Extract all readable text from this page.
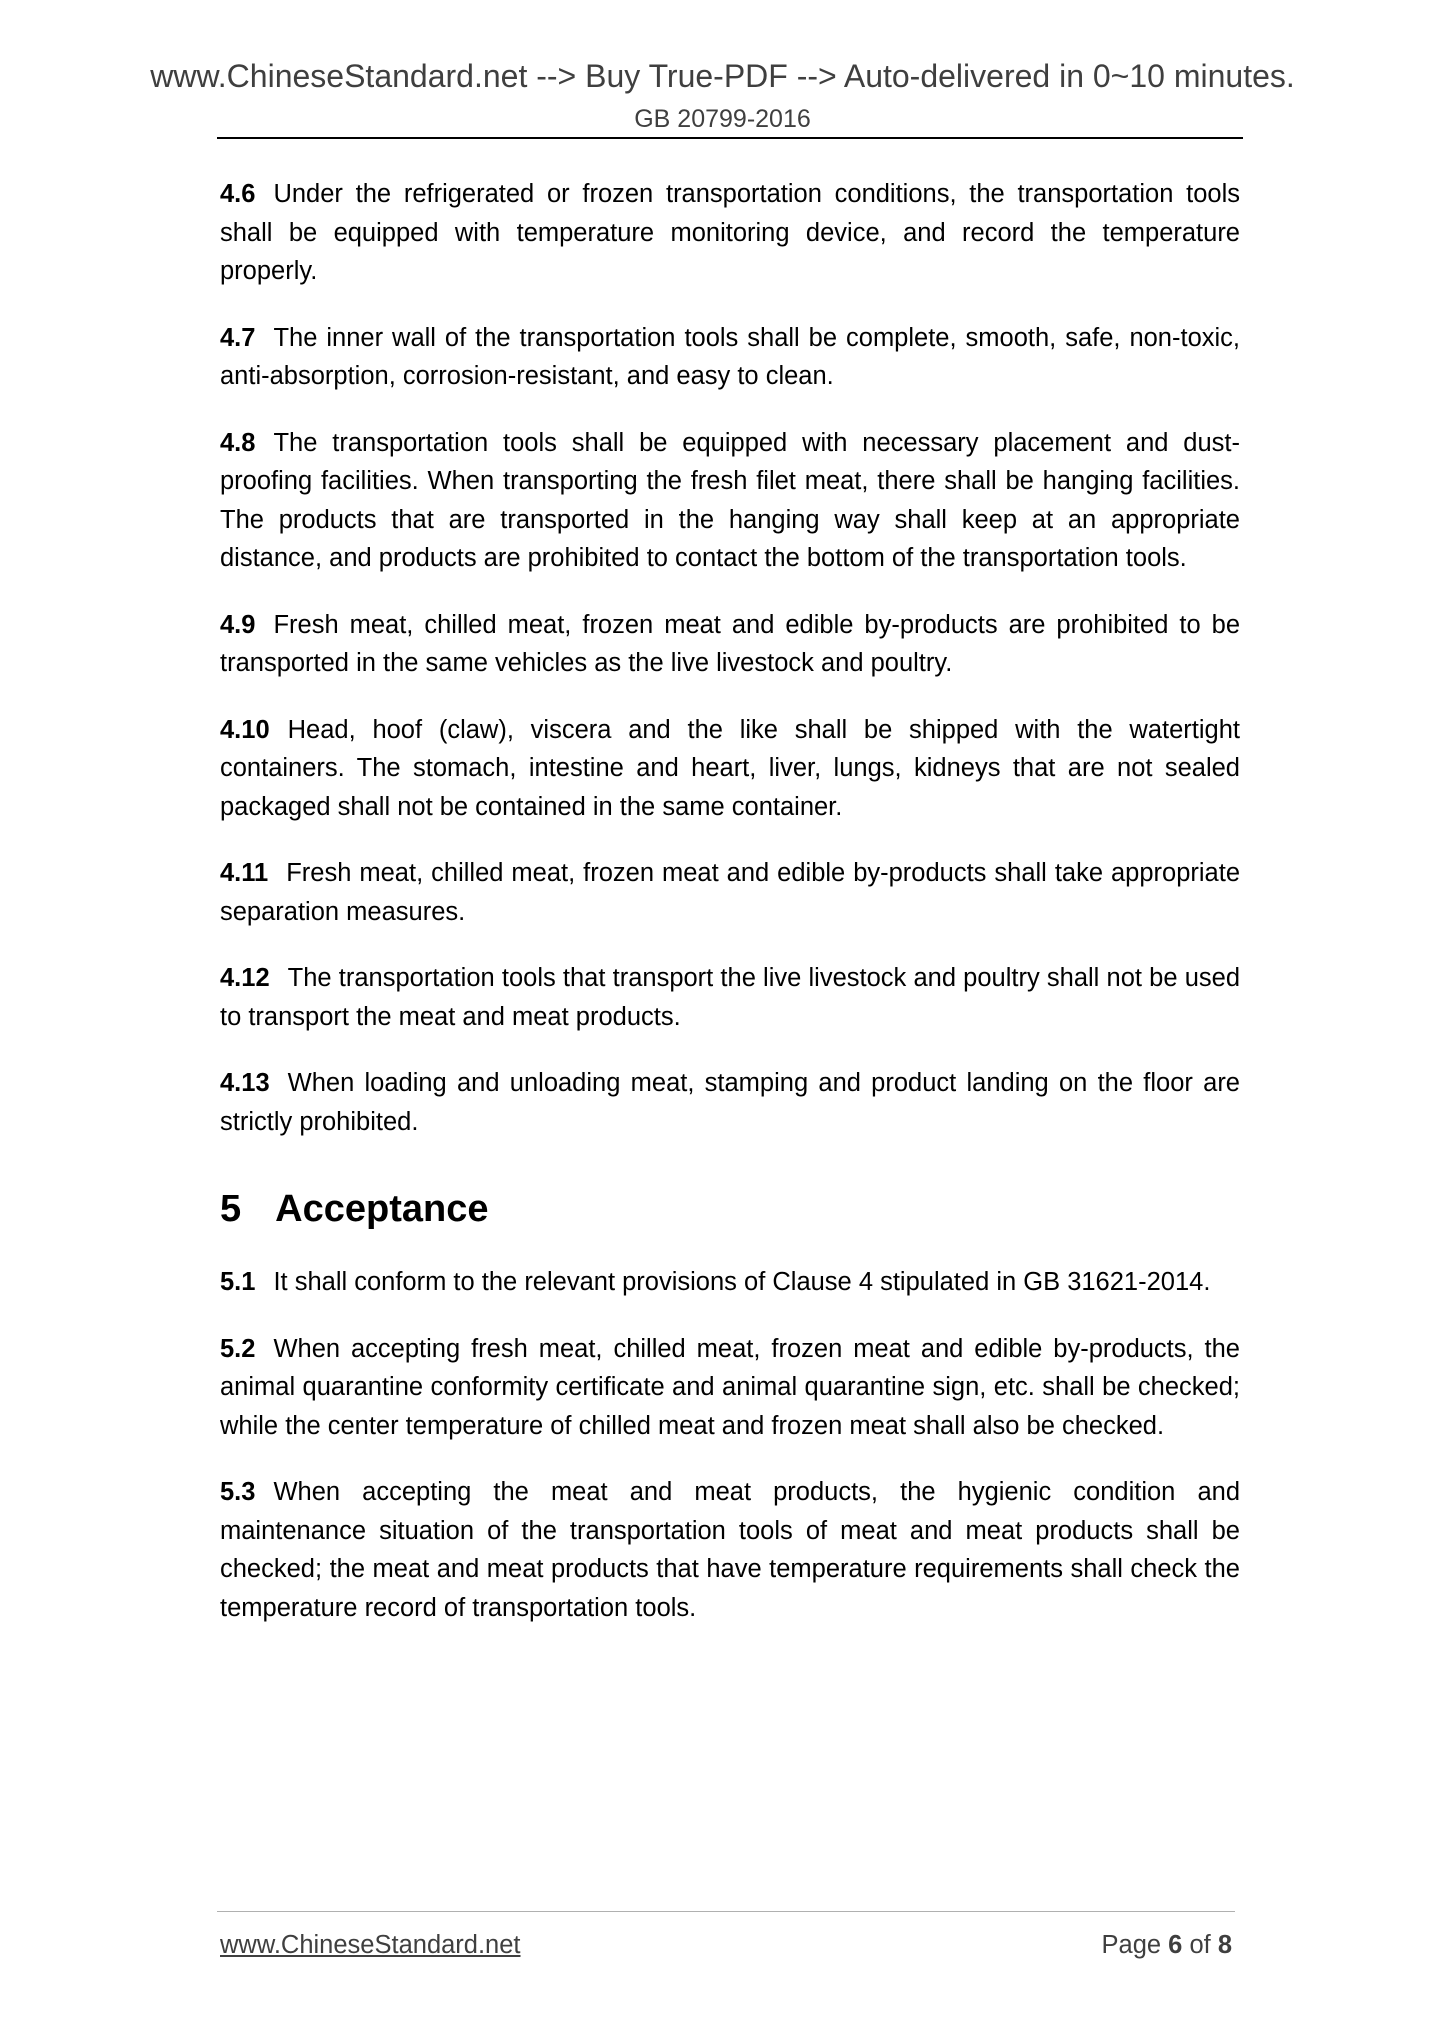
www.ChineseStandard.net --> Buy True-PDF --> Auto-delivered in 0~10 minutes.
GB 20799-2016

4.6 Under the refrigerated or frozen transportation conditions, the transportation tools shall be equipped with temperature monitoring device, and record the temperature properly.

4.7 The inner wall of the transportation tools shall be complete, smooth, safe, non-toxic, anti-absorption, corrosion-resistant, and easy to clean.

4.8 The transportation tools shall be equipped with necessary placement and dust-proofing facilities. When transporting the fresh filet meat, there shall be hanging facilities. The products that are transported in the hanging way shall keep at an appropriate distance, and products are prohibited to contact the bottom of the transportation tools.

4.9 Fresh meat, chilled meat, frozen meat and edible by-products are prohibited to be transported in the same vehicles as the live livestock and poultry.

4.10 Head, hoof (claw), viscera and the like shall be shipped with the watertight containers. The stomach, intestine and heart, liver, lungs, kidneys that are not sealed packaged shall not be contained in the same container.

4.11 Fresh meat, chilled meat, frozen meat and edible by-products shall take appropriate separation measures.

4.12 The transportation tools that transport the live livestock and poultry shall not be used to transport the meat and meat products.

4.13 When loading and unloading meat, stamping and product landing on the floor are strictly prohibited.

5 Acceptance

5.1 It shall conform to the relevant provisions of Clause 4 stipulated in GB 31621-2014.

5.2 When accepting fresh meat, chilled meat, frozen meat and edible by-products, the animal quarantine conformity certificate and animal quarantine sign, etc. shall be checked; while the center temperature of chilled meat and frozen meat shall also be checked.

5.3 When accepting the meat and meat products, the hygienic condition and maintenance situation of the transportation tools of meat and meat products shall be checked; the meat and meat products that have temperature requirements shall check the temperature record of transportation tools.

www.ChineseStandard.net	Page 6 of 8
